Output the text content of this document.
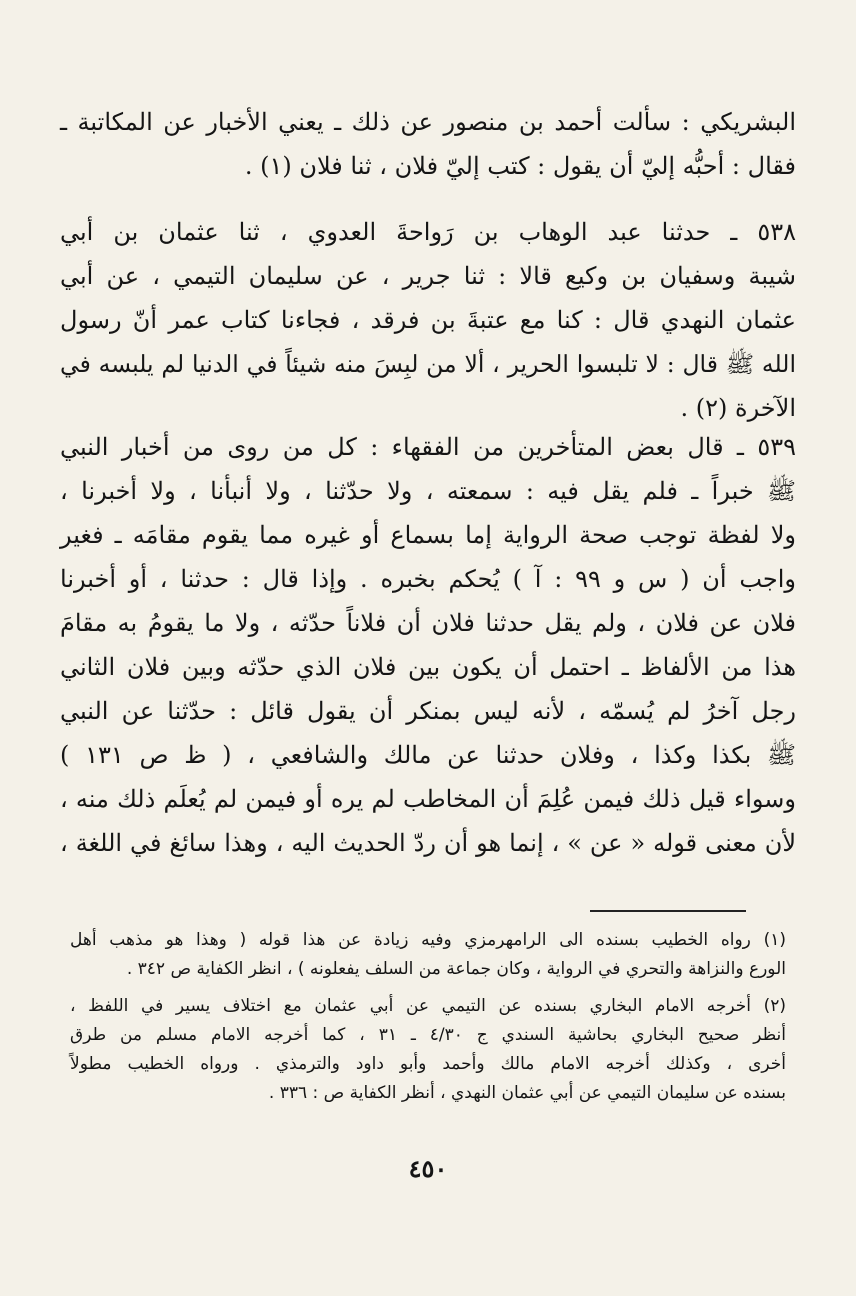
البشريكي : سألت أحمد بن منصور عن ذلك ـ يعني الأخبار عن المكاتبة ـ
فقال : أحبُّه إليّ أن يقول : كتب إليّ فلان ، ثنا فلان (١) .
٥٣٨ ـ حدثنا عبد الوهاب بن رَواحةَ العدوي ، ثنا عثمان بن أبي
شيبة وسفيان بن وكيع قالا : ثنا جرير ، عن سليمان التيمي ، عن أبي
عثمان النهدي قال : كنا مع عتبةَ بن فرقد ، فجاءنا كتاب عمر أنّ رسول
الله ﷺ قال : لا تلبسوا الحرير ، ألا من لبِسَ منه شيئاً في الدنيا لم يلبسه في
الآخرة (٢) .
٥٣٩ ـ قال بعض المتأخرين من الفقهاء : كل من روى من أخبار النبي
ﷺ خبراً ـ فلم يقل فيه : سمعته ، ولا حدّثنا ، ولا أنبأنا ، ولا أخبرنا ،
ولا لفظة توجب صحة الرواية إما بسماع أو غيره مما يقوم مقامَه ـ فغير
واجب أن ( س و ٩٩ : آ ) يُحكم بخبره . وإذا قال : حدثنا ، أو أخبرنا
فلان عن فلان ، ولم يقل حدثنا فلان أن فلاناً حدّثه ، ولا ما يقومُ به مقامَ
هذا من الألفاظ ـ احتمل أن يكون بين فلان الذي حدّثه وبين فلان الثاني
رجل آخرُ لم يُسمّه ، لأنه ليس بمنكر أن يقول قائل : حدّثنا عن النبي
ﷺ بكذا وكذا ، وفلان حدثنا عن مالك والشافعي ، ( ظ ص ١٣١ )
وسواء قيل ذلك فيمن عُلِمَ أن المخاطب لم يره أو فيمن لم يُعلَم ذلك منه ،
لأن معنى قوله « عن » ، إنما هو أن ردّ الحديث اليه ، وهذا سائغ في اللغة ،
(١) رواه الخطيب بسنده الى الرامهرمزي وفيه زيادة عن هذا قوله ( وهذا هو مذهب أهل
الورع والنزاهة والتحري في الرواية ، وكان جماعة من السلف يفعلونه ) ، انظر الكفاية ص ٣٤٢ .
(٢) أخرجه الامام البخاري بسنده عن التيمي عن أبي عثمان مع اختلاف يسير في اللفظ ،
أنظر صحيح البخاري بحاشية السندي ج ٤/٣٠ ـ ٣١ ، كما أخرجه الامام مسلم من طرق
أخرى ، وكذلك أخرجه الامام مالك وأحمد وأبو داود والترمذي . ورواه الخطيب مطولاً
بسنده عن سليمان التيمي عن أبي عثمان النهدي ، أنظر الكفاية ص : ٣٣٦ .
٤٥٠
